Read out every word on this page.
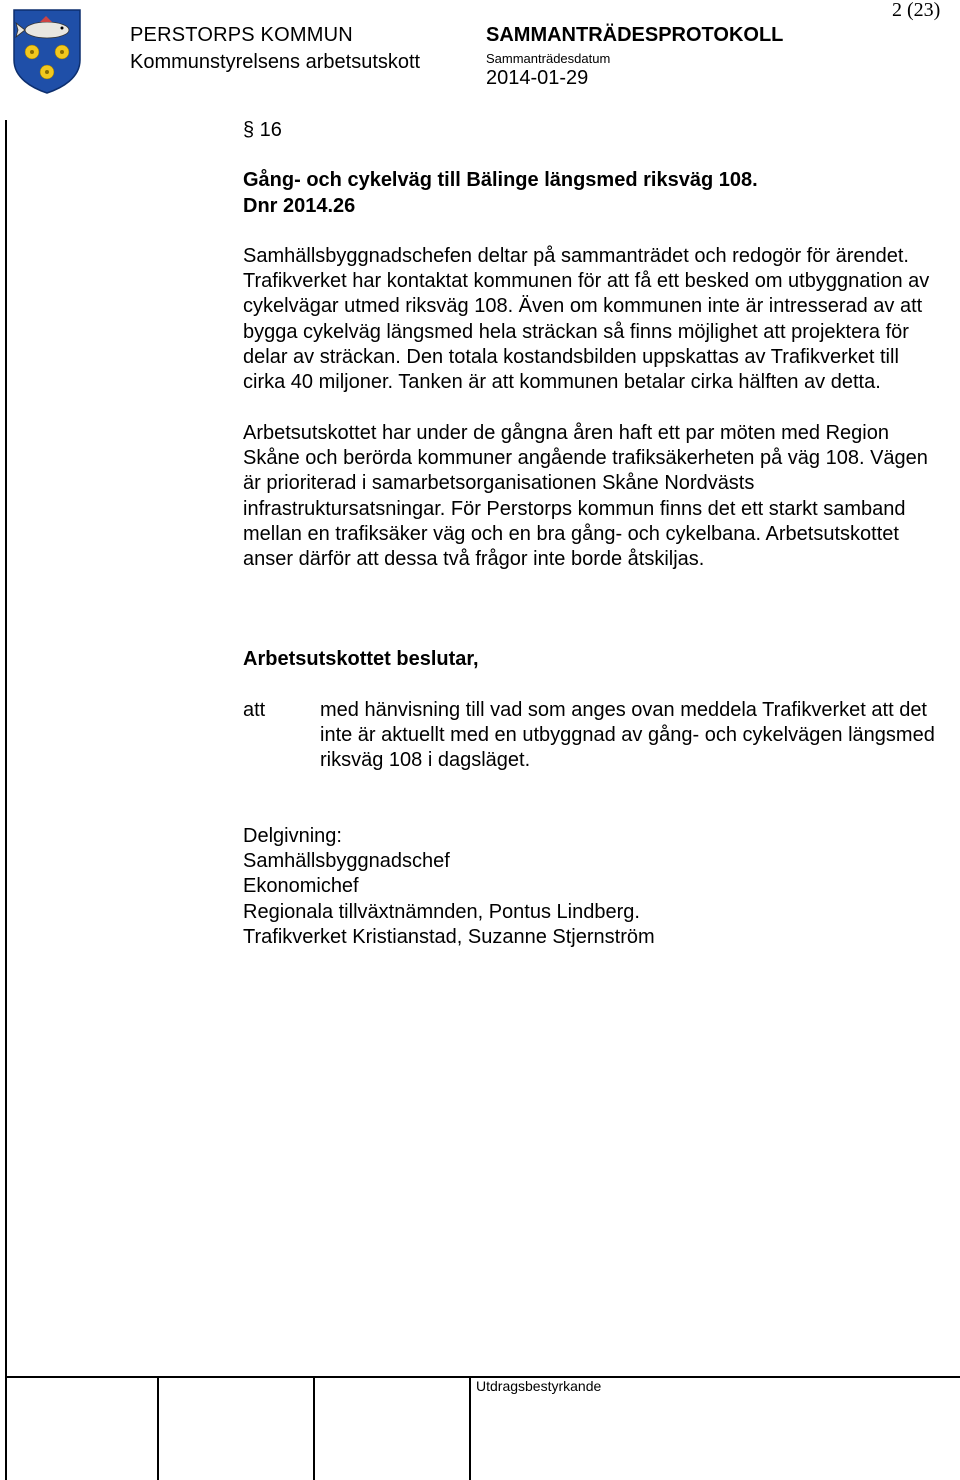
PERSTORPS KOMMUN
Kommunstyrelsens arbetsutskott
SAMMANTRÄDESPROTOKOLL
Sammanträdesdatum
2014-01-29
2 (23)
Utdragsbestyrkande

§ 16

Gång- och cykelväg till Bälinge längsmed riksväg 108.

Dnr 2014.26

Samhällsbyggnadschefen deltar på sammanträdet och redogör för ärendet. Trafikverket har kontaktat kommunen för att få ett besked om utbyggnation av cykelvägar utmed riksväg 108. Även om kommunen inte är intresserad av att bygga cykelväg längsmed hela sträckan så finns möjlighet att projektera för delar av sträckan. Den totala kostandsbilden uppskattas av Trafikverket till cirka 40 miljoner. Tanken är att kommunen betalar cirka hälften av detta.

Arbetsutskottet har under de gångna åren haft ett par möten med Region Skåne och berörda kommuner angående trafiksäkerheten på väg 108. Vägen är prioriterad i samarbetsorganisationen Skåne Nordvästs infrastruktursatsningar. För Perstorps kommun finns det ett starkt samband mellan en trafiksäker väg och en bra gång- och cykelbana. Arbetsutskottet anser därför att dessa två frågor inte borde åtskiljas.

Arbetsutskottet beslutar,

att	med hänvisning till vad som anges ovan meddela Trafikverket att det inte är aktuellt med en utbyggnad av gång- och cykelvägen längsmed riksväg 108 i dagsläget.

Delgivning:

Samhällsbyggnadschef

Ekonomichef

Regionala tillväxtnämnden, Pontus Lindberg.

Trafikverket Kristianstad, Suzanne Stjernström
